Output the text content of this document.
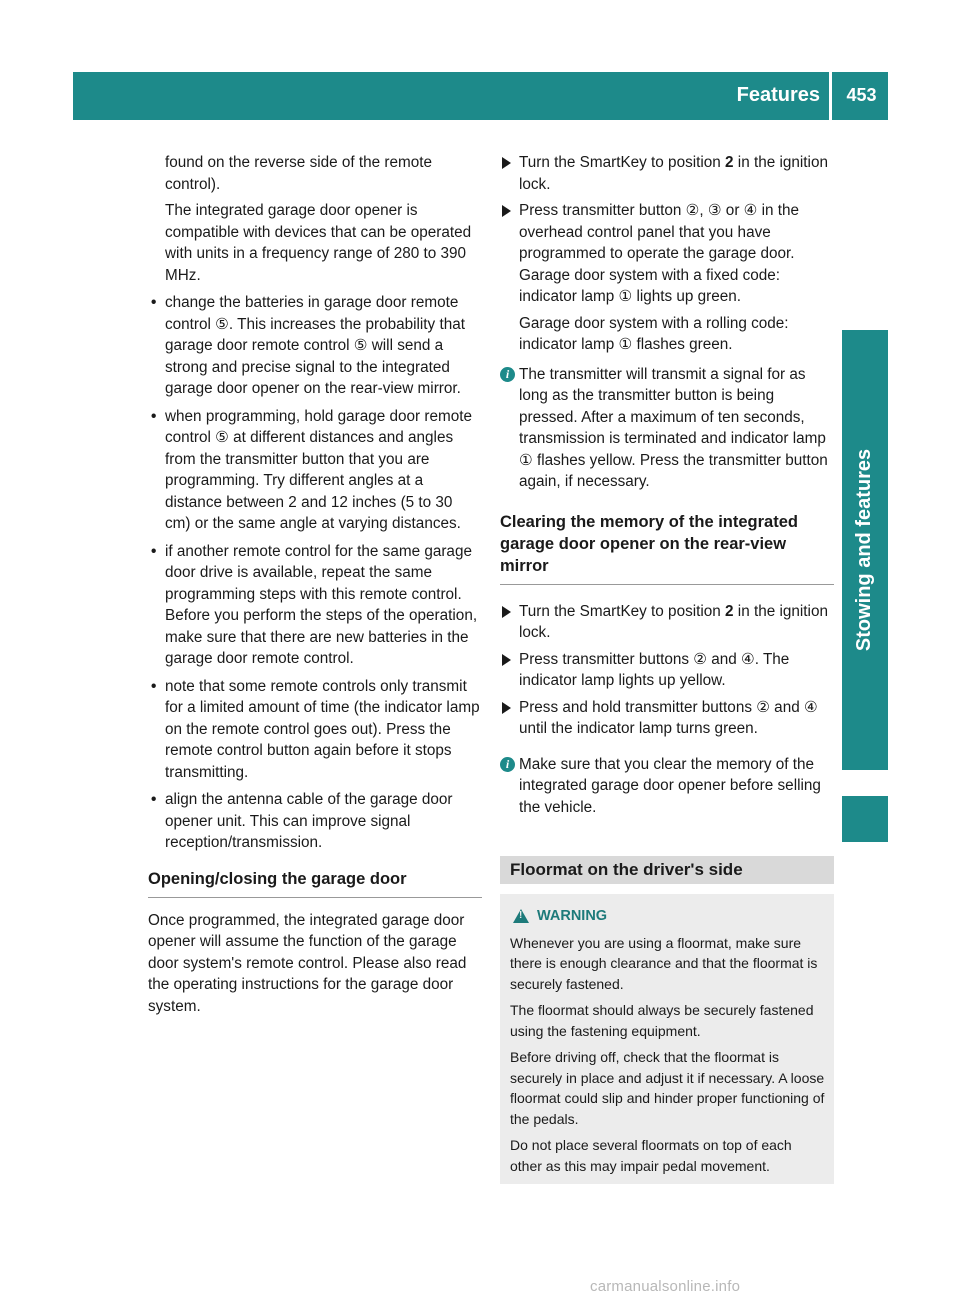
Features	453
Stowing and features

found on the reverse side of the remote control).

The integrated garage door opener is compatible with devices that can be operated with units in a frequency range of 280 to 390 MHz.

• change the batteries in garage door remote control ⑤. This increases the probability that garage door remote control ⑤ will send a strong and precise signal to the integrated garage door opener on the rear-view mirror.

• when programming, hold garage door remote control ⑤ at different distances and angles from the transmitter button that you are programming. Try different angles at a distance between 2 and 12 inches (5 to 30 cm) or the same angle at varying distances.

• if another remote control for the same garage door drive is available, repeat the same programming steps with this remote control. Before you perform the steps of the operation, make sure that there are new batteries in the garage door remote control.

• note that some remote controls only transmit for a limited amount of time (the indicator lamp on the remote control goes out). Press the remote control button again before it stops transmitting.

• align the antenna cable of the garage door opener unit. This can improve signal reception/transmission.

Opening/closing the garage door

Once programmed, the integrated garage door opener will assume the function of the garage door system's remote control. Please also read the operating instructions for the garage door system.

Turn the SmartKey to position 2 in the ignition lock.
Press transmitter button ②, ③ or ④ in the overhead control panel that you have programmed to operate the garage door. Garage door system with a fixed code: indicator lamp ① lights up green.

Garage door system with a rolling code: indicator lamp ① flashes green.

i The transmitter will transmit a signal for as long as the transmitter button is being pressed. After a maximum of ten seconds, transmission is terminated and indicator lamp ① flashes yellow. Press the transmitter button again, if necessary.
Clearing the memory of the integrated garage door opener on the rear-view mirror
Turn the SmartKey to position 2 in the ignition lock.
Press transmitter buttons ② and ④. The indicator lamp lights up yellow.
Press and hold transmitter buttons ② and ④ until the indicator lamp turns green.
i Make sure that you clear the memory of the integrated garage door opener before selling the vehicle.
Floormat on the driver's side
!
WARNING

Whenever you are using a floormat, make sure there is enough clearance and that the floormat is securely fastened.

The floormat should always be securely fastened using the fastening equipment.

Before driving off, check that the floormat is securely in place and adjust it if necessary. A loose floormat could slip and hinder proper functioning of the pedals.

Do not place several floormats on top of each other as this may impair pedal movement.

carmanualsonline.info
